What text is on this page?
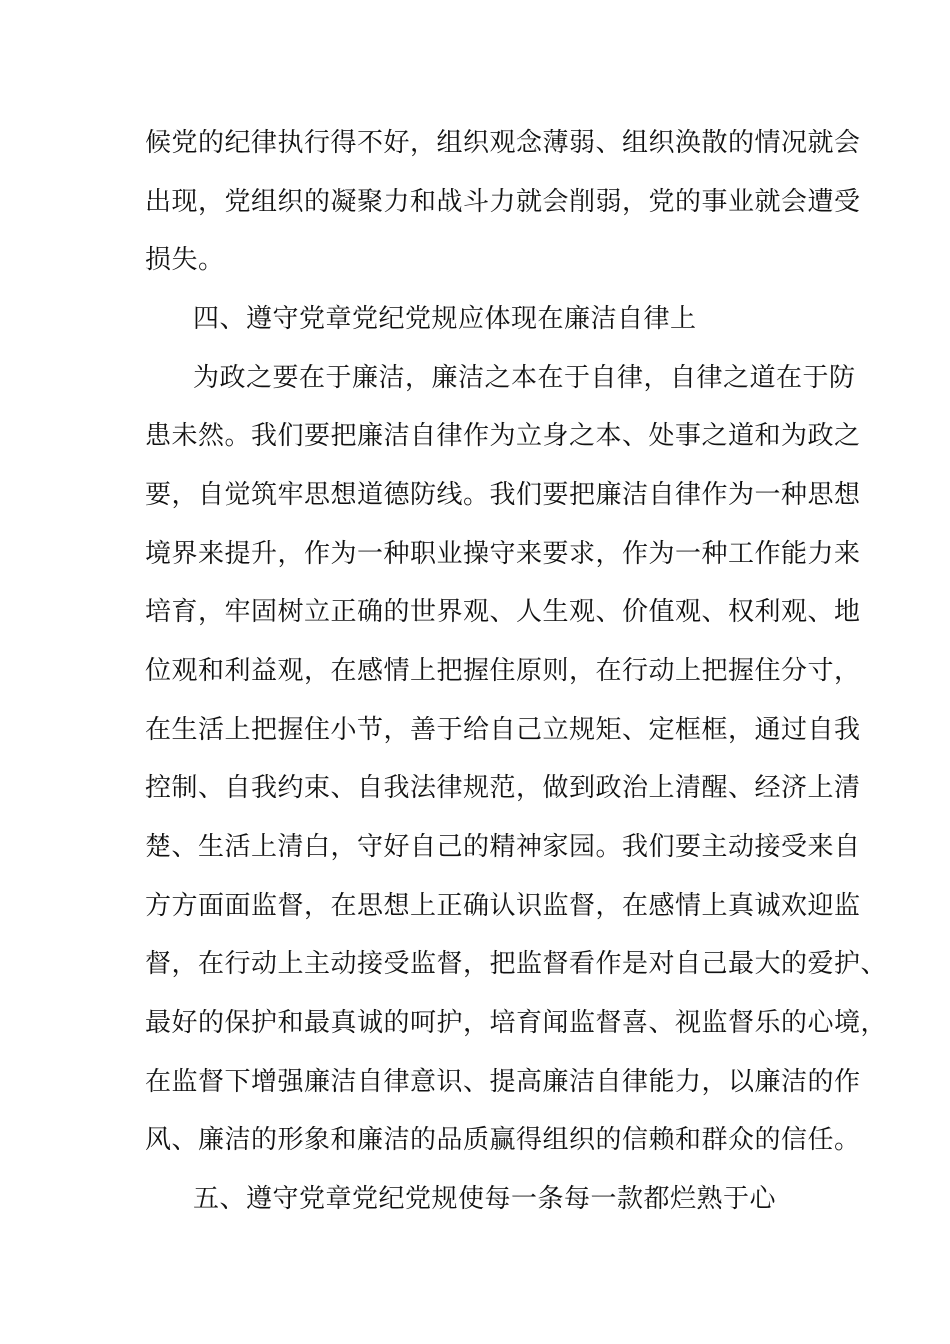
候党的纪律执行得不好，组织观念薄弱、组织涣散的情况就会
出现，党组织的凝聚力和战斗力就会削弱，党的事业就会遭受
损失。
四、遵守党章党纪党规应体现在廉洁自律上
为政之要在于廉洁，廉洁之本在于自律，自律之道在于防
患未然。我们要把廉洁自律作为立身之本、处事之道和为政之
要，自觉筑牢思想道德防线。我们要把廉洁自律作为一种思想
境界来提升，作为一种职业操守来要求，作为一种工作能力来
培育，牢固树立正确的世界观、人生观、价值观、权利观、地
位观和利益观，在感情上把握住原则，在行动上把握住分寸，
在生活上把握住小节，善于给自己立规矩、定框框，通过自我
控制、自我约束、自我法律规范，做到政治上清醒、经济上清
楚、生活上清白，守好自己的精神家园。我们要主动接受来自
方方面面监督，在思想上正确认识监督，在感情上真诚欢迎监
督，在行动上主动接受监督，把监督看作是对自己最大的爱护、
最好的保护和最真诚的呵护，培育闻监督喜、视监督乐的心境，
在监督下增强廉洁自律意识、提高廉洁自律能力，以廉洁的作
风、廉洁的形象和廉洁的品质赢得组织的信赖和群众的信任。
五、遵守党章党纪党规使每一条每一款都烂熟于心
